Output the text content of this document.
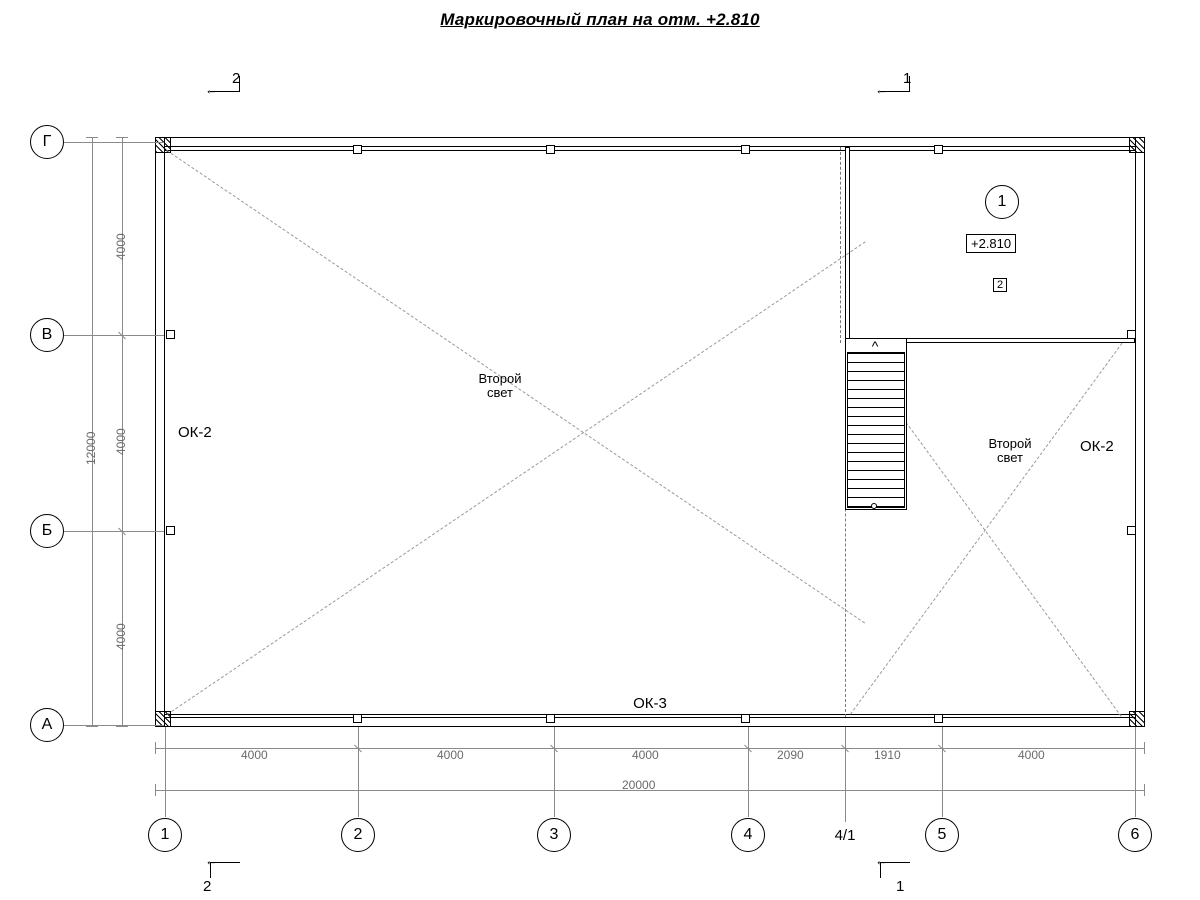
Маркировочный план на отм. +2.810
^
Второй
свет
Второй
свет
ОК-2
ОК-2
ОК-3
1
+2.810
2
←
2
←
1
←
2
←
1
Г
В
Б
А
4000
4000
4000
12000
1	2	3	4	4/1	5	6
4000	4000	4000	2090	1910	4000
20000
